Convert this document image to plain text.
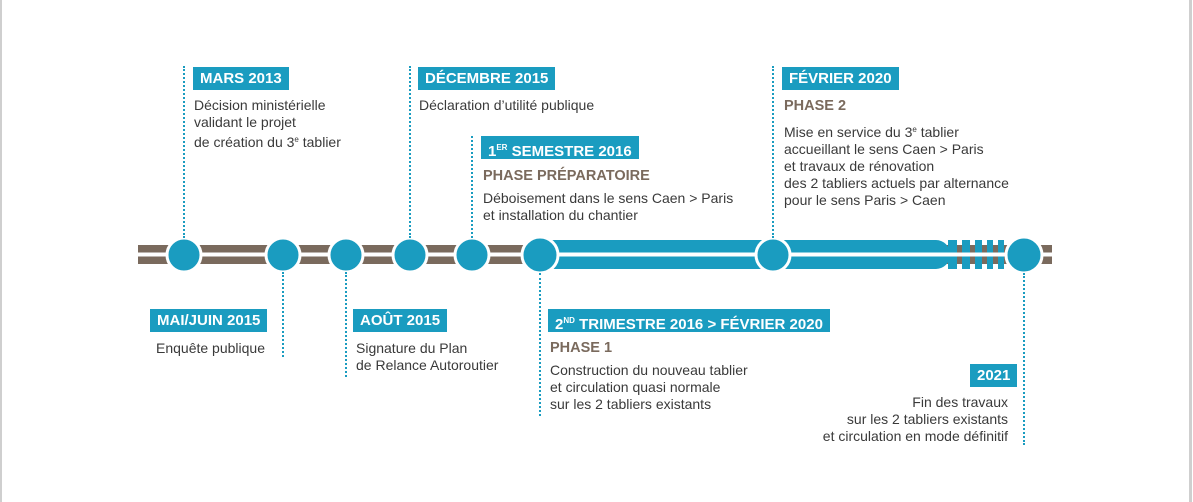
MARS 2013
Décision ministérielle
validant le projet
de création du 3e tablier
DÉCEMBRE 2015
Déclaration d’utilité publique
1ER SEMESTRE 2016
PHASE PRÉPARATOIRE
Déboisement dans le sens Caen > Paris
et installation du chantier
FÉVRIER 2020
PHASE 2
Mise en service du 3e tablier
accueillant le sens Caen > Paris
et travaux de rénovation
des 2 tabliers actuels par alternance
pour le sens Paris > Caen
MAI/JUIN 2015
Enquête publique
AOÛT 2015
Signature du Plan
de Relance Autoroutier
2ND TRIMESTRE 2016 > FÉVRIER 2020
PHASE 1
Construction du nouveau tablier
et circulation quasi normale
sur les 2 tabliers existants
2021
Fin des travaux
sur les 2 tabliers existants
et circulation en mode définitif
